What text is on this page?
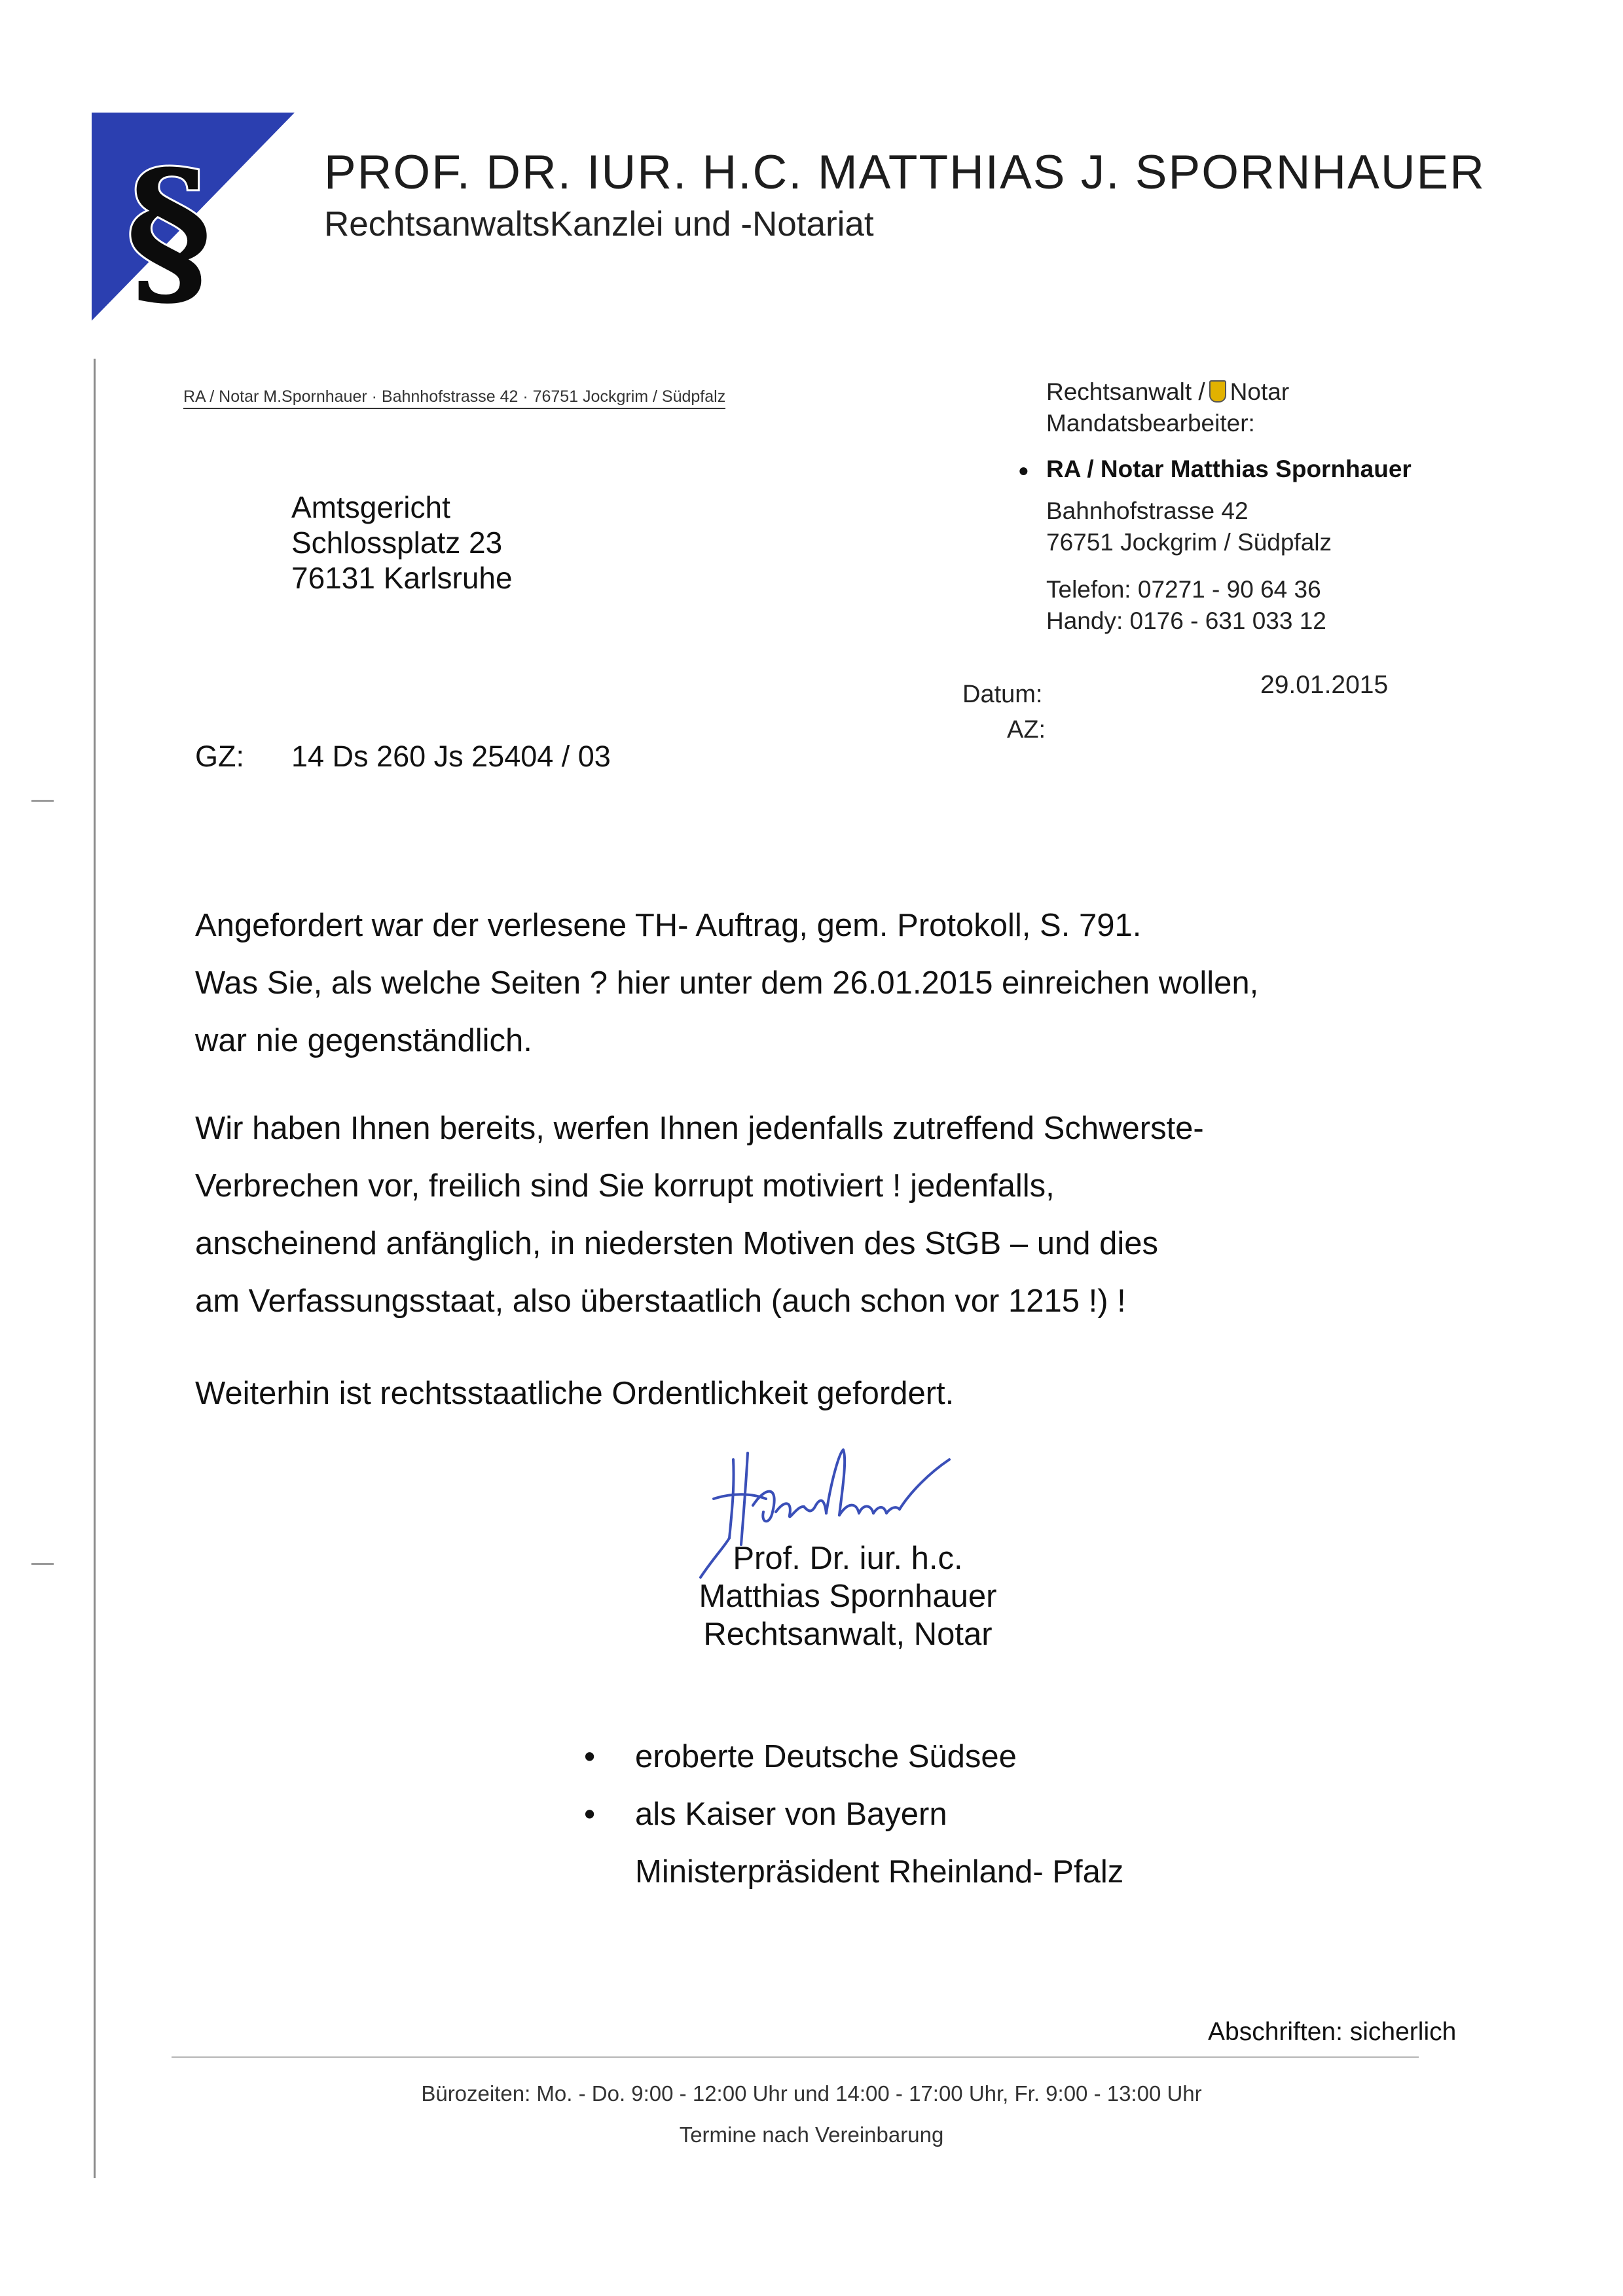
§ PROF. DR. IUR. H.C. MATTHIAS J. SPORNHAUER
RechtsanwaltsKanzlei und -Notariat
RA / Notar M.Spornhauer · Bahnhofstrasse 42 · 76751 Jockgrim / Südpfalz
Amtsgericht
Schlossplatz 23
76131 Karlsruhe
Rechtsanwalt / Notar
Mandatsbearbeiter:
• RA / Notar Matthias Spornhauer
Bahnhofstrasse 42
76751 Jockgrim / Südpfalz
Telefon: 07271 - 90 64 36
Handy: 0176 - 631 033 12
Datum:
AZ:
29.01.2015
GZ: 14 Ds 260 Js 25404 / 03
Angefordert war der verlesene TH- Auftrag, gem. Protokoll, S. 791.
Was Sie, als welche Seiten ? hier unter dem 26.01.2015 einreichen wollen,
war nie gegenständlich.
Wir haben Ihnen bereits, werfen Ihnen jedenfalls zutreffend Schwerste-
Verbrechen vor, freilich sind Sie korrupt motiviert ! jedenfalls,
anscheinend anfänglich, in niedersten Motiven des StGB – und dies
am Verfassungsstaat, also überstaatlich (auch schon vor 1215 !) !
Weiterhin ist rechtsstaatliche Ordentlichkeit gefordert.
Prof. Dr. iur. h.c.
Matthias Spornhauer
Rechtsanwalt, Notar
• eroberte Deutsche Südsee
• als Kaiser von Bayern
Ministerpräsident Rheinland- Pfalz
Abschriften: sicherlich
Bürozeiten: Mo. - Do. 9:00 - 12:00 Uhr und 14:00 - 17:00 Uhr, Fr. 9:00 - 13:00 Uhr
Termine nach Vereinbarung
